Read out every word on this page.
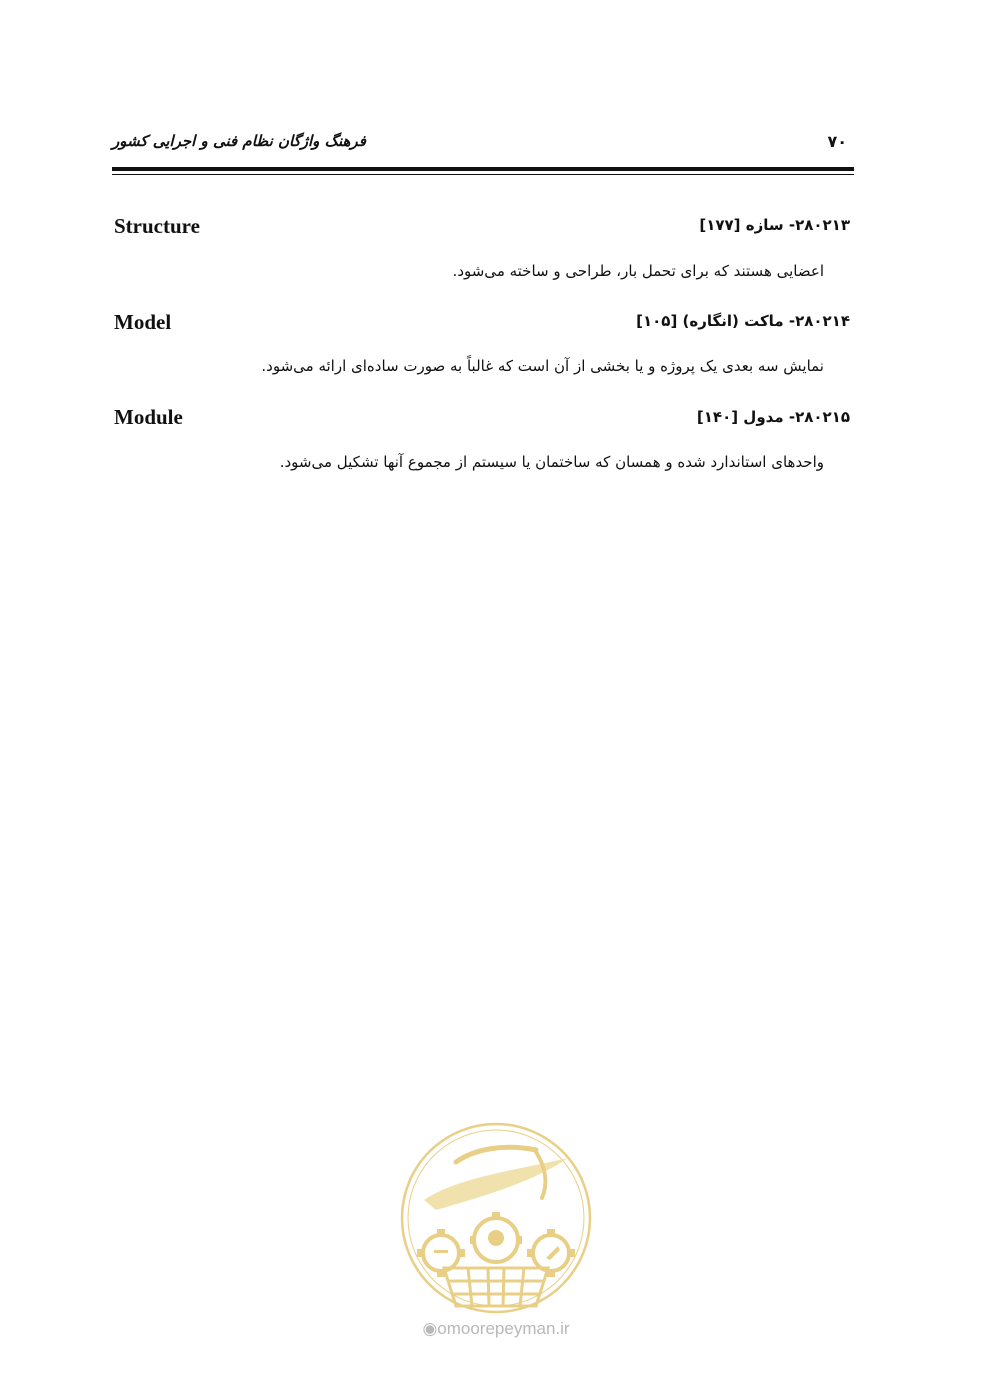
فرهنگ واژگان نظام فنی و اجرایی کشور	۷۰
۲۸۰۲۱۳- سازه [۱۷۷]
Structure
اعضایی هستند که برای تحمل بار، طراحی و ساخته می‌شود.
۲۸۰۲۱۴- ماکت (انگاره) [۱۰۵]
Model
نمایش سه بعدی یک پروژه و یا بخشی از آن است که غالباً به صورت ساده‌ای ارائه می‌شود.
۲۸۰۲۱۵- مدول [۱۴۰]
Module
واحدهای استاندارد شده و همسان که ساختمان یا سیستم از مجموع آنها تشکیل می‌شود.
◉omoorepeyman.ir
